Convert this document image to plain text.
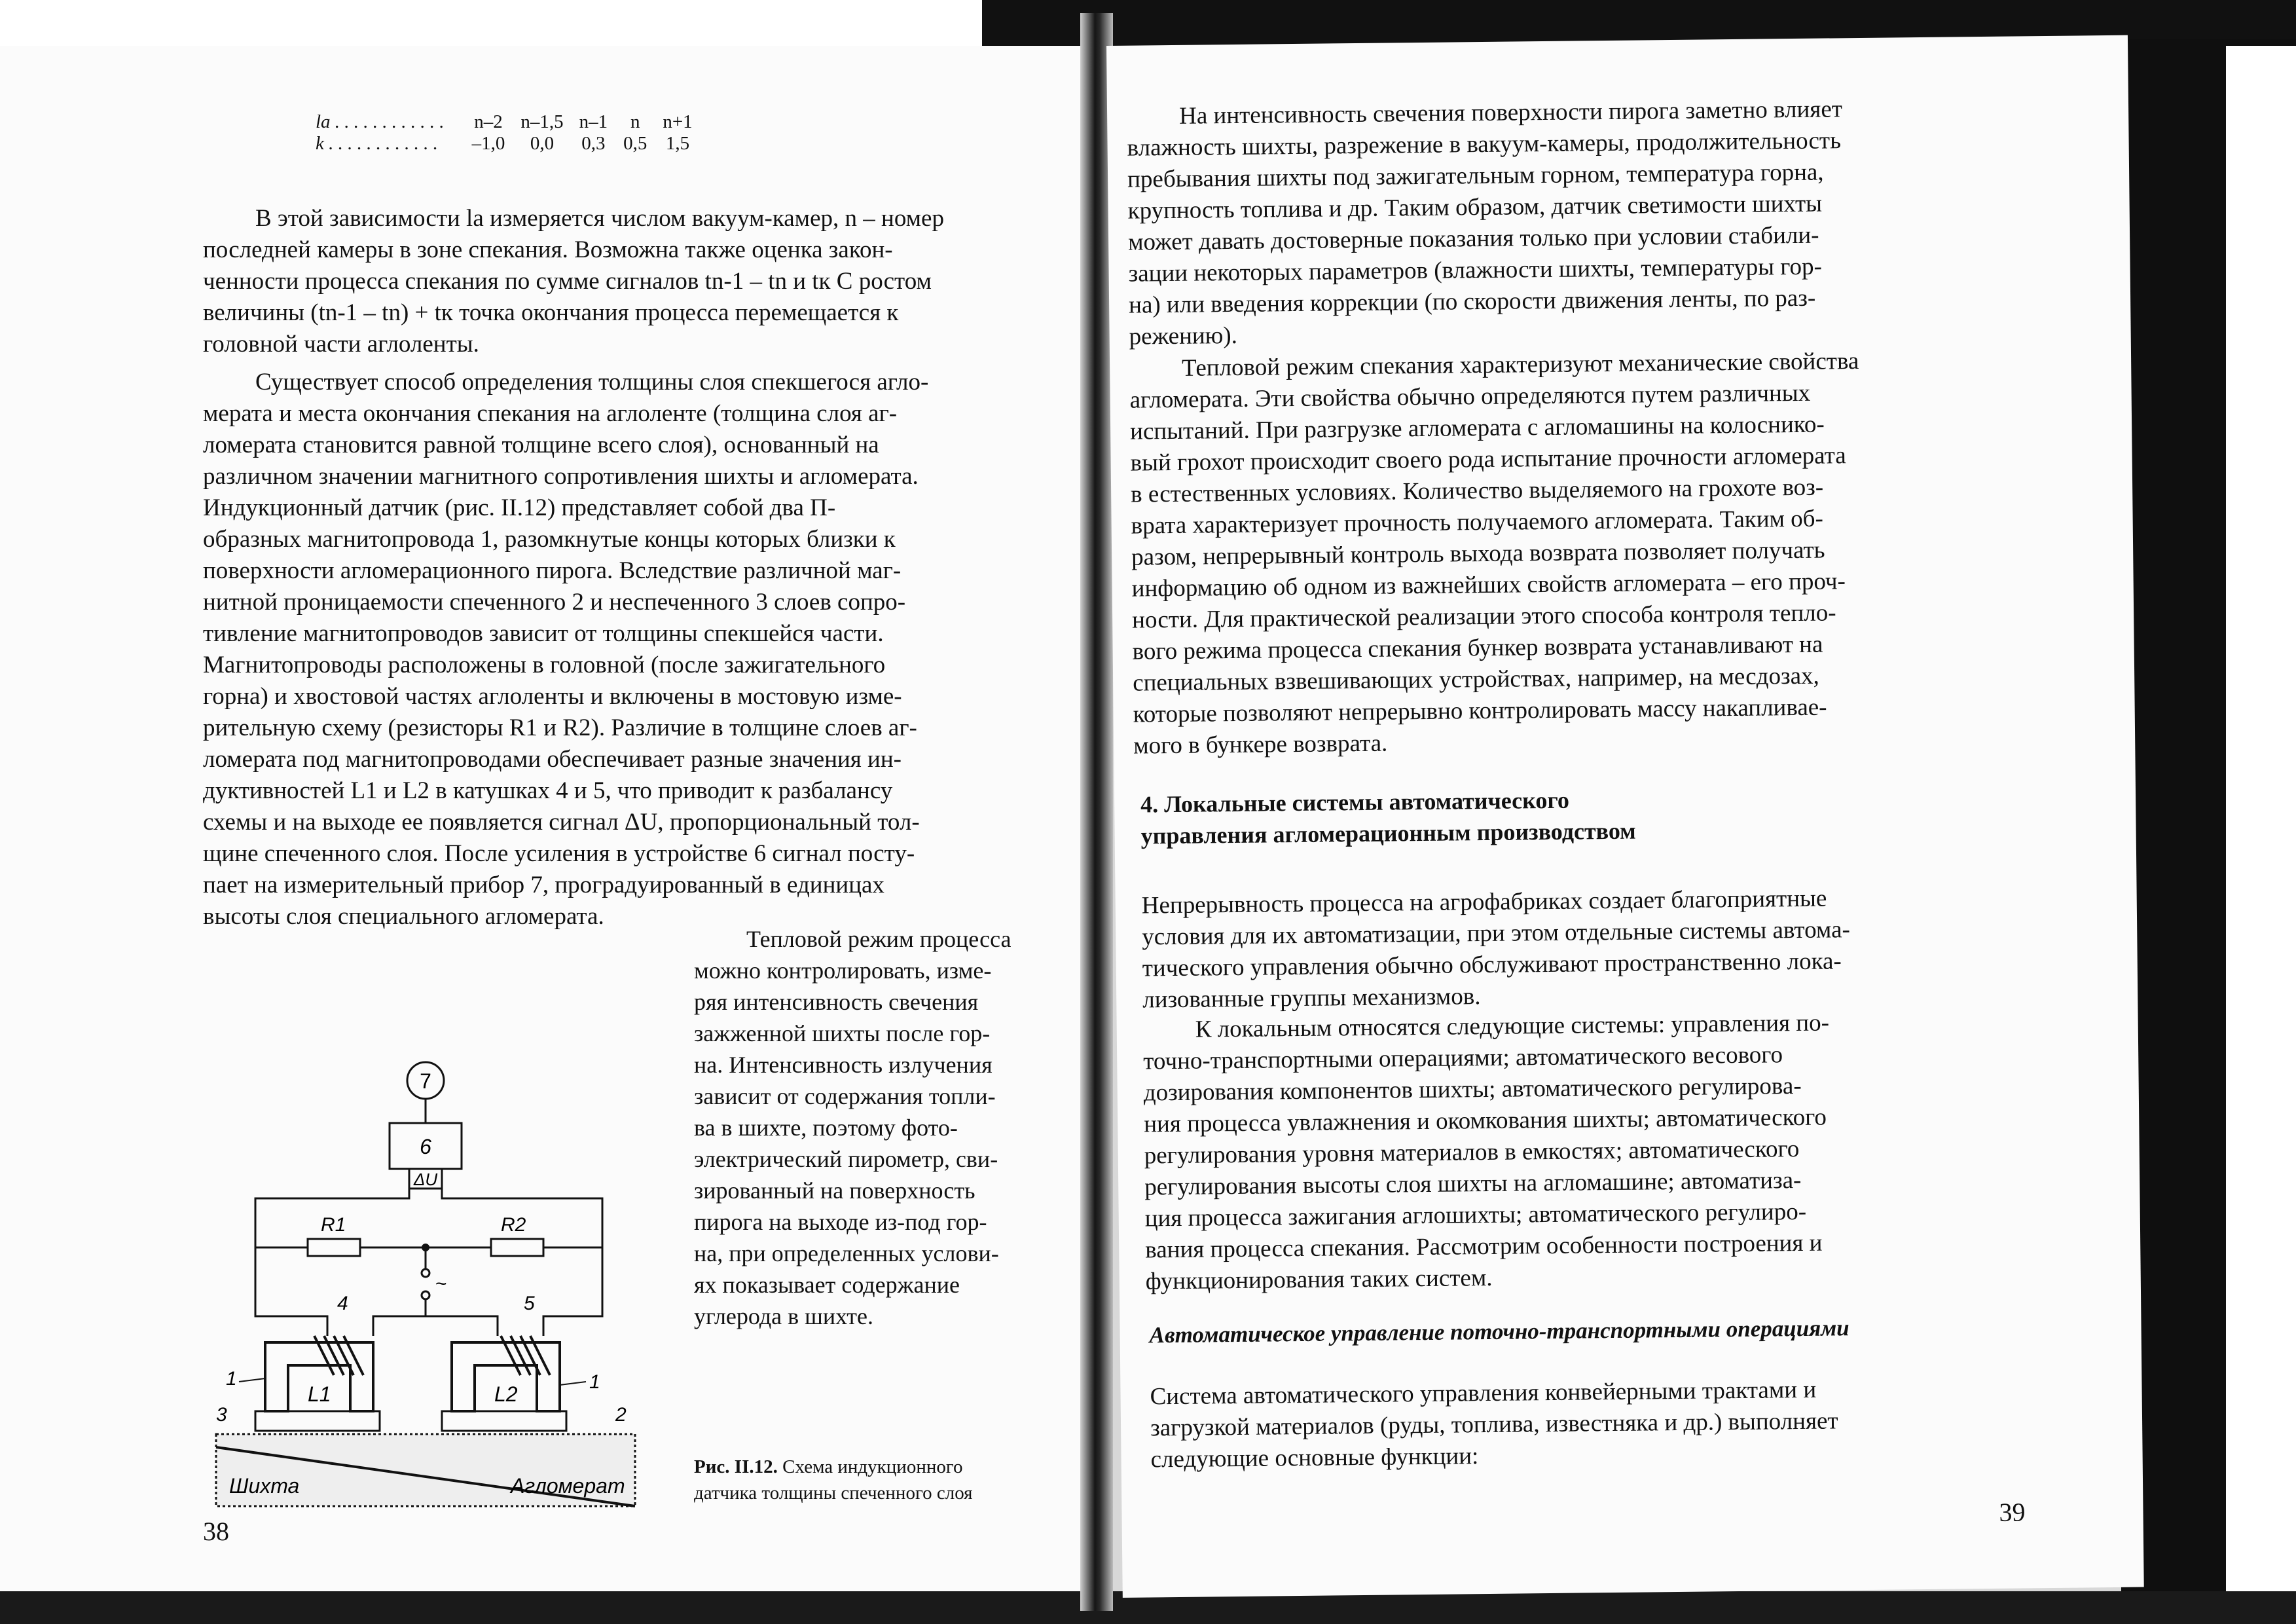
lа . . . . . . . . . . . .	n–2	n–1,5	n–1	n	n+1
k . . . . . . . . . . . .	–1,0	0,0	0,3	0,5	1,5
В этой зависимости lа измеряется числом вакуум-камер, n – номер
последней камеры в зоне спекания. Возможна также оценка закон-
ченности процесса спекания по сумме сигналов tn-1 – tn и tк С ростом
величины (tn-1 – tn) + tк точка окончания процесса перемещается к
головной части аглоленты.
Существует способ определения толщины слоя спекшегося агло-
мерата и места окончания спекания на аглоленте (толщина слоя аг-
ломерата становится равной толщине всего слоя), основанный на
различном значении магнитного сопротивления шихты и агломерата.
Индукционный датчик (рис. II.12) представляет собой два П-
образных магнитопровода 1, разомкнутые концы которых близки к
поверхности агломерационного пирога. Вследствие различной маг-
нитной проницаемости спеченного 2 и неспеченного 3 слоев сопро-
тивление магнитопроводов зависит от толщины спекшейся части.
Магнитопроводы расположены в головной (после зажигательного
горна) и хвостовой частях аглоленты и включены в мостовую изме-
рительную схему (резисторы R1 и R2). Различие в толщине слоев аг-
ломерата под магнитопроводами обеспечивает разные значения ин-
дуктивностей L1 и L2 в катушках 4 и 5, что приводит к разбалансу
схемы и на выходе ее появляется сигнал ΔU, пропорциональный тол-
щине спеченного слоя. После усиления в устройстве 6 сигнал посту-
пает на измерительный прибор 7, проградуированный в единицах
высоты слоя специального агломерата.
Тепловой режим процесса
можно контролировать, изме-
ряя интенсивность свечения
зажженной шихты после гор-
на. Интенсивность излучения
зависит от содержания топли-
ва в шихте, поэтому фото-
электрический пирометр, сви-
зированный на поверхность
пирога на выходе из-под гор-
на, при определенных услови-
ях показывает содержание
углерода в шихте.
7
6
ΔU
R1	R2
~
4	5
L1	L2
1	1
3	2
Шихта	Агломерат
Рис. II.12. Схема индукционного
датчика толщины спеченного слоя
38
На интенсивность свечения поверхности пирога заметно влияет
влажность шихты, разрежение в вакуум-камеры, продолжительность
пребывания шихты под зажигательным горном, температура горна,
крупность топлива и др. Таким образом, датчик светимости шихты
может давать достоверные показания только при условии стабили-
зации некоторых параметров (влажности шихты, температуры гор-
на) или введения коррекции (по скорости движения ленты, по раз-
режению).
Тепловой режим спекания характеризуют механические свойства
агломерата. Эти свойства обычно определяются путем различных
испытаний. При разгрузке агломерата с агломашины на колоснико-
вый грохот происходит своего рода испытание прочности агломерата
в естественных условиях. Количество выделяемого на грохоте воз-
врата характеризует прочность получаемого агломерата. Таким об-
разом, непрерывный контроль выхода возврата позволяет получать
информацию об одном из важнейших свойств агломерата – его проч-
ности. Для практической реализации этого способа контроля тепло-
вого режима процесса спекания бункер возврата устанавливают на
специальных взвешивающих устройствах, например, на месдозах,
которые позволяют непрерывно контролировать массу накапливае-
мого в бункере возврата.
4. Локальные системы автоматического
управления агломерационным производством
Непрерывность процесса на агрофабриках создает благоприятные
условия для их автоматизации, при этом отдельные системы автома-
тического управления обычно обслуживают пространственно лока-
лизованные группы механизмов.
К локальным относятся следующие системы: управления по-
точно-транспортными операциями; автоматического весового
дозирования компонентов шихты; автоматического регулирова-
ния процесса увлажнения и окомкования шихты; автоматического
регулирования уровня материалов в емкостях; автоматического
регулирования высоты слоя шихты на агломашине; автоматиза-
ция процесса зажигания аглошихты; автоматического регулиро-
вания процесса спекания. Рассмотрим особенности построения и
функционирования таких систем.
Автоматическое управление поточно-транспортными операциями
Система автоматического управления конвейерными трактами и
загрузкой материалов (руды, топлива, известняка и др.) выполняет
следующие основные функции:
39
